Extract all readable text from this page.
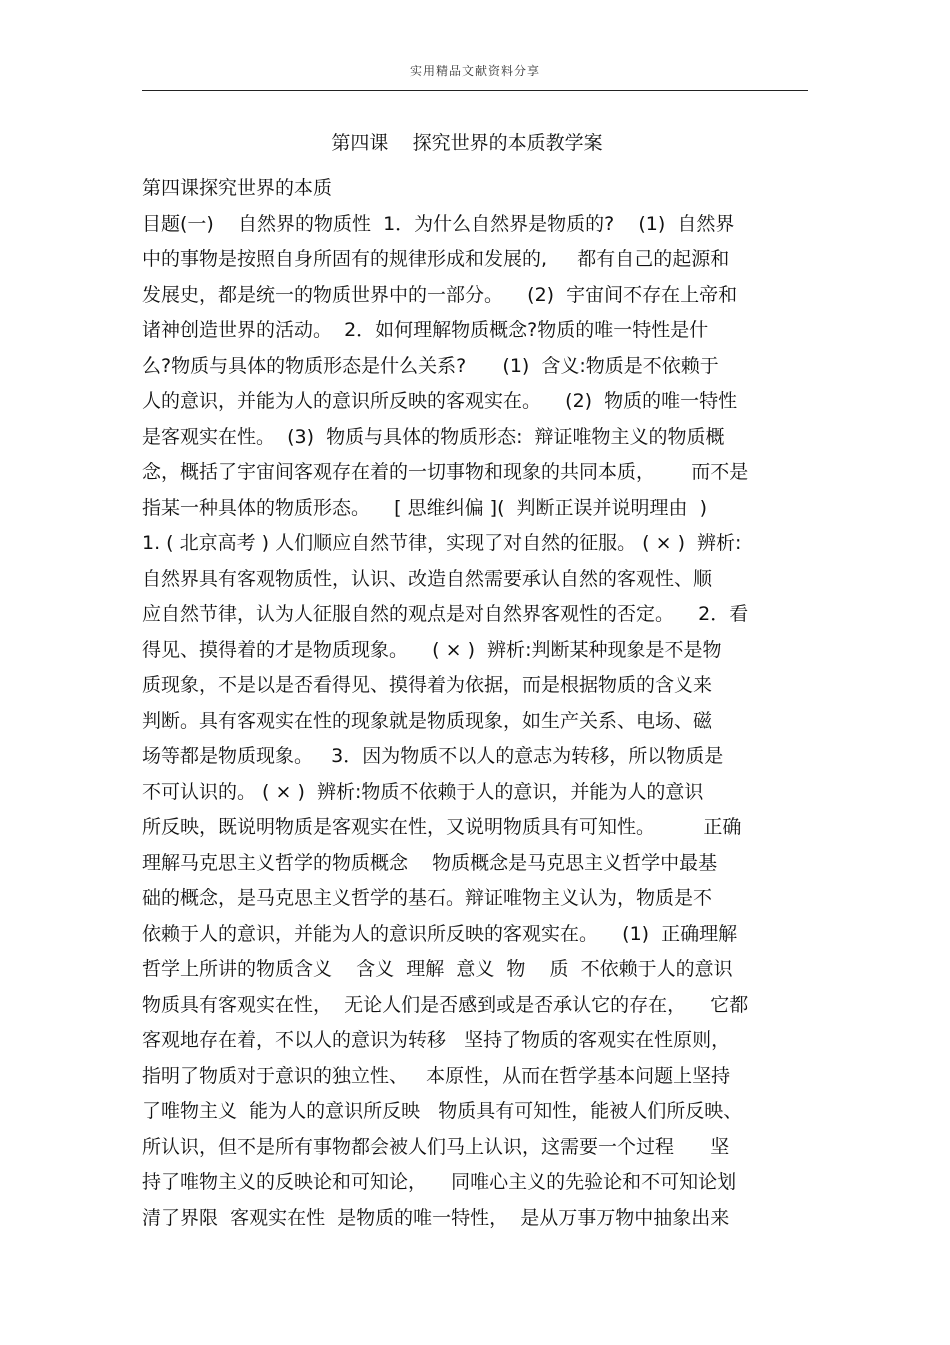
实用精品文献资料分享
第四课    探究世界的本质教学案
第四课探究世界的本质
目题(一)    自然界的物质性  1．为什么自然界是物质的?    (1)  自然界
中的事物是按照自身所固有的规律形成和发展的,     都有自己的起源和
发展史，都是统一的物质世界中的一部分。    (2)  宇宙间不存在上帝和
诸神创造世界的活动。  2．如何理解物质概念?物质的唯一特性是什
么?物质与具体的物质形态是什么关系?      (1)  含义:物质是不依赖于
人的意识，并能为人的意识所反映的客观实在。    (2)  物质的唯一特性
是客观实在性。  (3)  物质与具体的物质形态:  辩证唯物主义的物质概
念，概括了宇宙间客观存在着的一切事物和现象的共同本质，      而不是
指某一种具体的物质形态。    [ 思维纠偏 ](  判断正误并说明理由  )
1. ( 北京高考 ) 人们顺应自然节律，实现了对自然的征服。 ( × )  辨析:
自然界具有客观物质性，认识、改造自然需要承认自然的客观性、顺
应自然节律，认为人征服自然的观点是对自然界客观性的否定。    2．看
得见、摸得着的才是物质现象。    ( × )  辨析:判断某种现象是不是物
质现象，不是以是否看得见、摸得着为依据，而是根据物质的含义来
判断。具有客观实在性的现象就是物质现象，如生产关系、电场、磁
场等都是物质现象。   3．因为物质不以人的意志为转移，所以物质是
不可认识的。 ( × )  辨析:物质不依赖于人的意识，并能为人的意识
所反映，既说明物质是客观实在性，又说明物质具有可知性。        正确
理解马克思主义哲学的物质概念    物质概念是马克思主义哲学中最基
础的概念，是马克思主义哲学的基石。辩证唯物主义认为，物质是不
依赖于人的意识，并能为人的意识所反映的客观实在。    (1)  正确理解
哲学上所讲的物质含义    含义  理解  意义  物    质  不依赖于人的意识
物质具有客观实在性，  无论人们是否感到或是否承认它的存在，    它都
客观地存在着，不以人的意识为转移   坚持了物质的客观实在性原则，
指明了物质对于意识的独立性、   本原性，从而在哲学基本问题上坚持
了唯物主义  能为人的意识所反映   物质具有可知性，能被人们所反映、
所认识，但不是所有事物都会被人们马上认识，这需要一个过程      坚
持了唯物主义的反映论和可知论，    同唯心主义的先验论和不可知论划
清了界限  客观实在性  是物质的唯一特性，  是从万事万物中抽象出来
